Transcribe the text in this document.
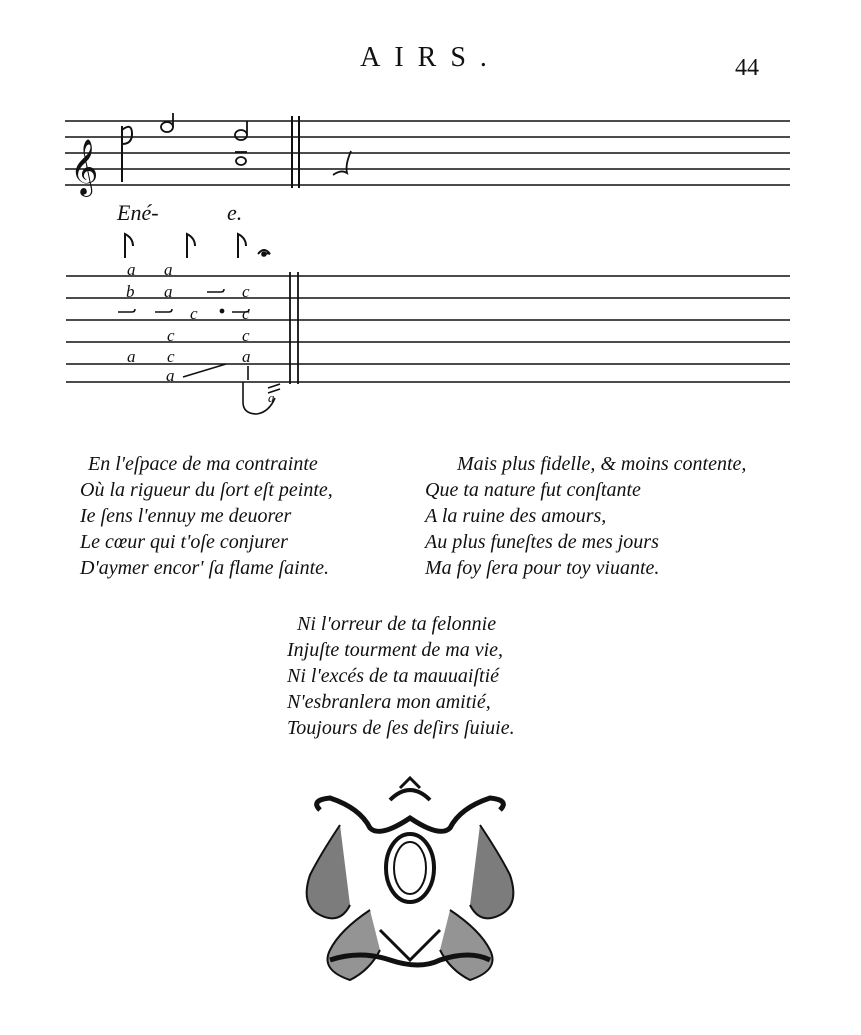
AIRS.	44
𝄞
Ené-	e.
a a
b a	c
c	c
c	c
a c	a
a
a
En l'eſpace de ma contrainte
Où la rigueur du ſort eſt peinte,
Ie ſens l'ennuy me deuorer
Le cœur qui t'oſe conjurer
D'aymer encor' ſa flame ſainte.
Mais plus fidelle, & moins contente,
Que ta nature fut conſtante
A la ruine des amours,
Au plus funeſtes de mes jours
Ma foy ſera pour toy viuante.
Ni l'orreur de ta felonnie
Injuſte tourment de ma vie,
Ni l'excés de ta mauuaiſtié
N'esbranlera mon amitié,
Toujours de ſes deſirs ſuiuie.
